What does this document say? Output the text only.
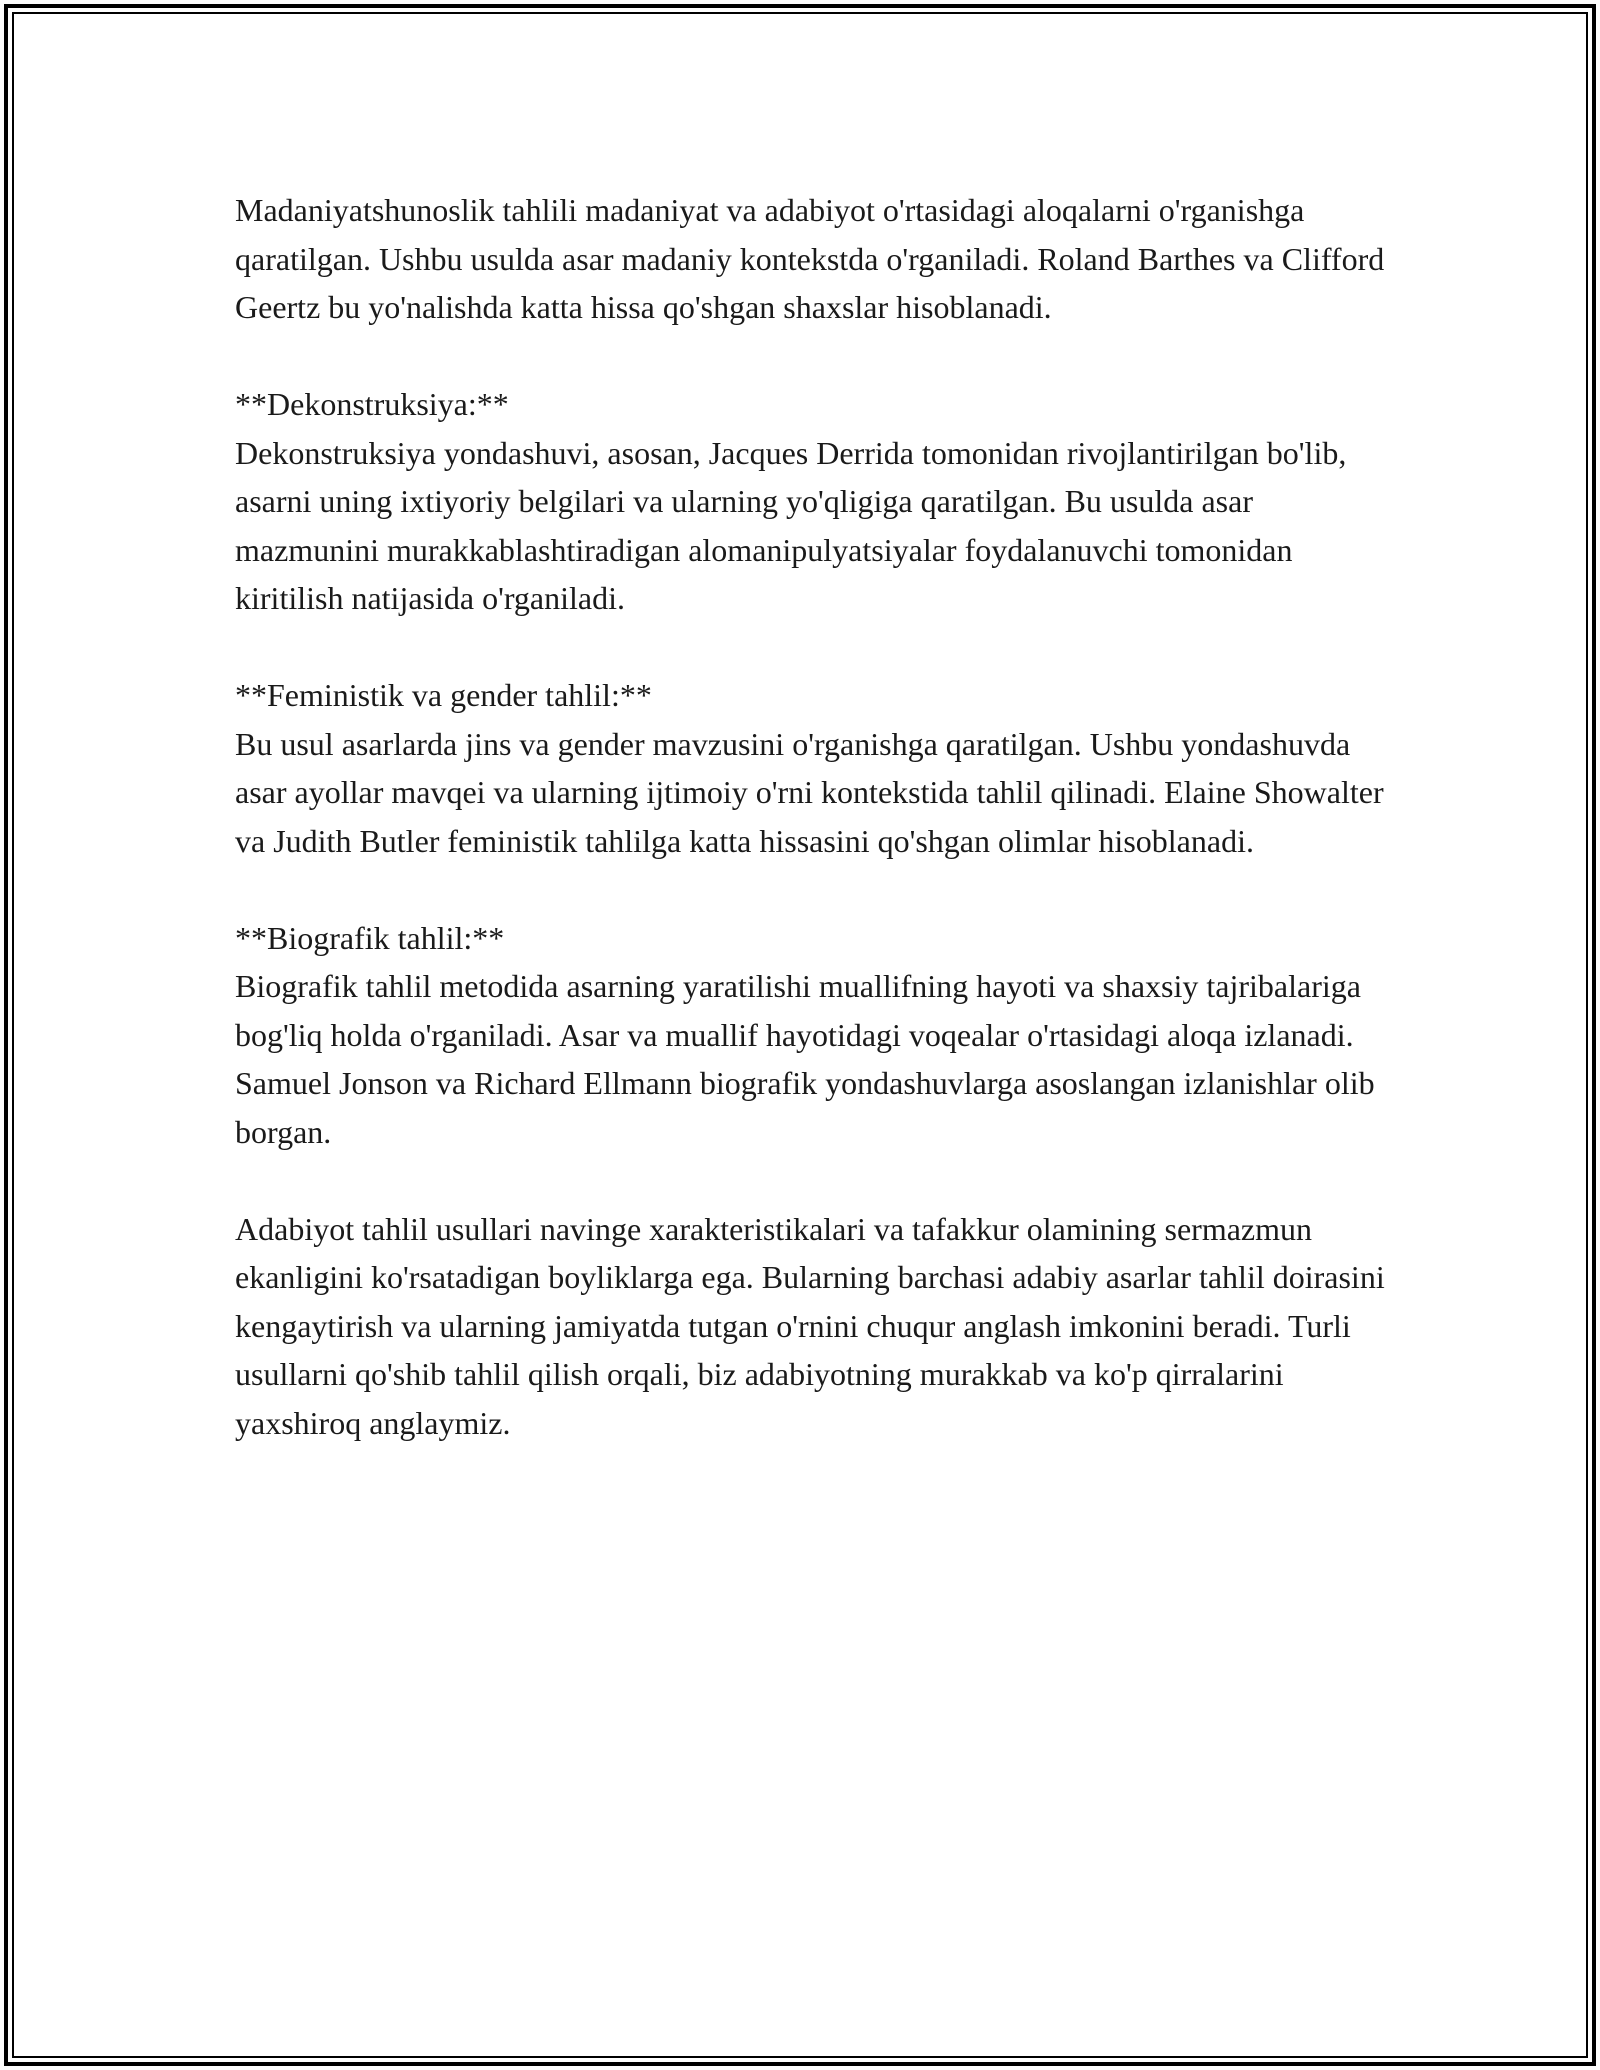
Madaniyatshunoslik tahlili madaniyat va adabiyot o'rtasidagi aloqalarni o'rganishga qaratilgan. Ushbu usulda asar madaniy kontekstda o'rganiladi. Roland Barthes va Clifford Geertz bu yo'nalishda katta hissa qo'shgan shaxslar hisoblanadi.

**Dekonstruksiya:**

Dekonstruksiya yondashuvi, asosan, Jacques Derrida tomonidan rivojlantirilgan bo'lib, asarni uning ixtiyoriy belgilari va ularning yo'qligiga qaratilgan. Bu usulda asar mazmunini murakkablashtiradigan alomanipulyatsiyalar foydalanuvchi tomonidan kiritilish natijasida o'rganiladi.

**Feministik va gender tahlil:**

Bu usul asarlarda jins va gender mavzusini o'rganishga qaratilgan. Ushbu yondashuvda asar ayollar mavqei va ularning ijtimoiy o'rni kontekstida tahlil qilinadi. Elaine Showalter va Judith Butler feministik tahlilga katta hissasini qo'shgan olimlar hisoblanadi.

**Biografik tahlil:**

Biografik tahlil metodida asarning yaratilishi muallifning hayoti va shaxsiy tajribalariga bog'liq holda o'rganiladi. Asar va muallif hayotidagi voqealar o'rtasidagi aloqa izlanadi. Samuel Jonson va Richard Ellmann biografik yondashuvlarga asoslangan izlanishlar olib borgan.

Adabiyot tahlil usullari navinge xarakteristikalari va tafakkur olamining sermazmun ekanligini ko'rsatadigan boyliklarga ega. Bularning barchasi adabiy asarlar tahlil doirasini kengaytirish va ularning jamiyatda tutgan o'rnini chuqur anglash imkonini beradi. Turli usullarni qo'shib tahlil qilish orqali, biz adabiyotning murakkab va ko'p qirralarini yaxshiroq anglaymiz.
